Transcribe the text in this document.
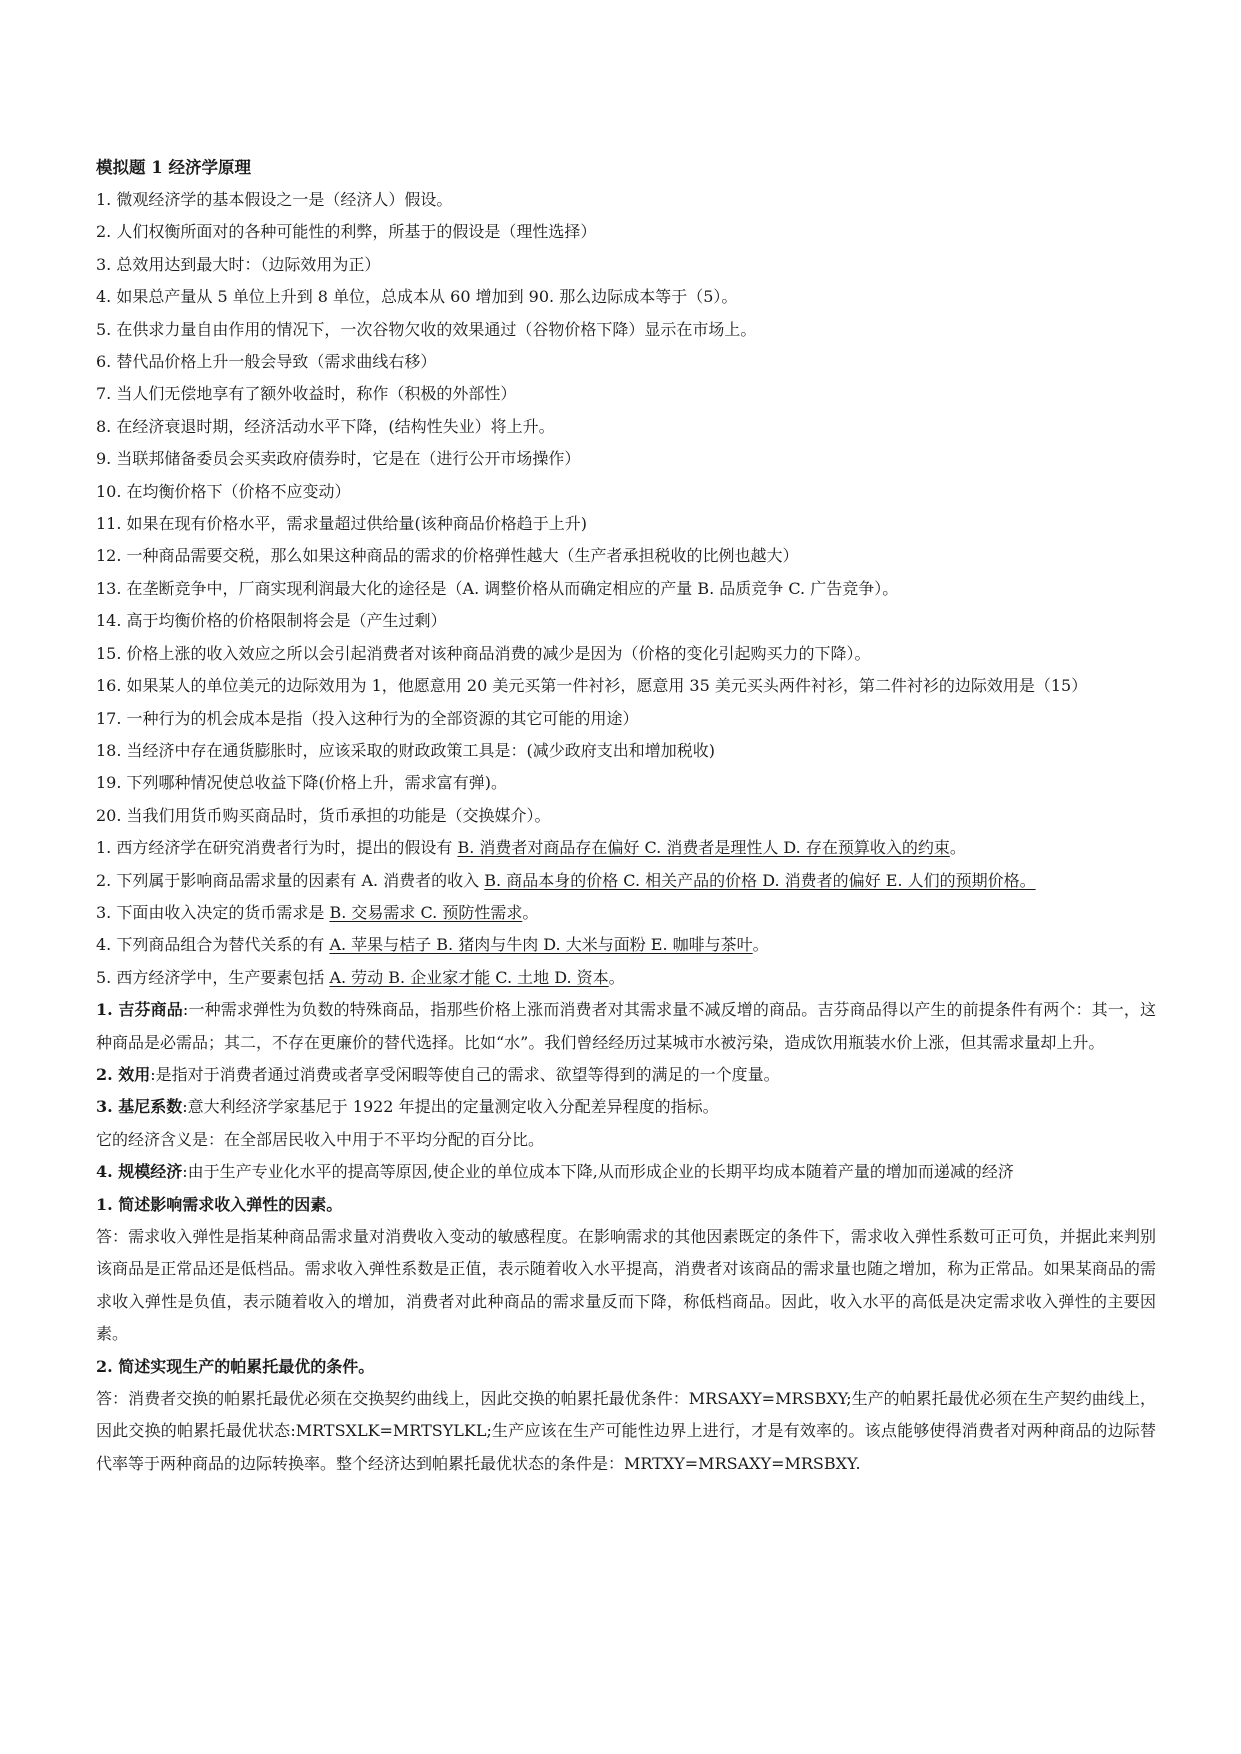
模拟题 1 经济学原理
1. 微观经济学的基本假设之一是（经济人）假设。
2. 人们权衡所面对的各种可能性的利弊，所基于的假设是（理性选择）
3. 总效用达到最大时：（边际效用为正）
4. 如果总产量从 5 单位上升到 8 单位，总成本从 60 增加到 90. 那么边际成本等于（5）。
5. 在供求力量自由作用的情况下，一次谷物欠收的效果通过（谷物价格下降）显示在市场上。
6. 替代品价格上升一般会导致（需求曲线右移）
7. 当人们无偿地享有了额外收益时，称作（积极的外部性）
8. 在经济衰退时期，经济活动水平下降，(结构性失业）将上升。
9. 当联邦储备委员会买卖政府债券时，它是在（进行公开市场操作）
10. 在均衡价格下（价格不应变动）
11. 如果在现有价格水平，需求量超过供给量(该种商品价格趋于上升)
12. 一种商品需要交税，那么如果这种商品的需求的价格弹性越大（生产者承担税收的比例也越大）
13. 在垄断竞争中，厂商实现利润最大化的途径是（A. 调整价格从而确定相应的产量 B. 品质竞争 C. 广告竞争）。
14. 高于均衡价格的价格限制将会是（产生过剩）
15. 价格上涨的收入效应之所以会引起消费者对该种商品消费的减少是因为（价格的变化引起购买力的下降）。
16. 如果某人的单位美元的边际效用为 1，他愿意用 20 美元买第一件衬衫，愿意用 35 美元买头两件衬衫，第二件衬衫的边际效用是（15）
17. 一种行为的机会成本是指（投入这种行为的全部资源的其它可能的用途）
18. 当经济中存在通货膨胀时，应该采取的财政政策工具是：(减少政府支出和增加税收)
19. 下列哪种情况使总收益下降(价格上升，需求富有弹)。
20. 当我们用货币购买商品时，货币承担的功能是（交换媒介）。
1. 西方经济学在研究消费者行为时，提出的假设有 B. 消费者对商品存在偏好 C. 消费者是理性人 D. 存在预算收入的约束。
2. 下列属于影响商品需求量的因素有 A. 消费者的收入 B. 商品本身的价格 C. 相关产品的价格 D. 消费者的偏好 E. 人们的预期价格。
3. 下面由收入决定的货币需求是 B. 交易需求 C. 预防性需求。
4. 下列商品组合为替代关系的有 A. 苹果与桔子 B. 猪肉与牛肉 D. 大米与面粉 E. 咖啡与茶叶。
5. 西方经济学中，生产要素包括 A. 劳动 B. 企业家才能 C. 土地 D. 资本。
1. 吉芬商品:一种需求弹性为负数的特殊商品，指那些价格上涨而消费者对其需求量不减反增的商品。吉芬商品得以产生的前提条件有两个：其一，这种商品是必需品；其二，不存在更廉价的替代选择。比如“水”。我们曾经经历过某城市水被污染，造成饮用瓶装水价上涨，但其需求量却上升。
2. 效用:是指对于消费者通过消费或者享受闲暇等使自己的需求、欲望等得到的满足的一个度量。
3. 基尼系数:意大利经济学家基尼于 1922 年提出的定量测定收入分配差异程度的指标。
它的经济含义是：在全部居民收入中用于不平均分配的百分比。
4. 规模经济:由于生产专业化水平的提高等原因,使企业的单位成本下降,从而形成企业的长期平均成本随着产量的增加而递减的经济
1. 简述影响需求收入弹性的因素。
答：需求收入弹性是指某种商品需求量对消费收入变动的敏感程度。在影响需求的其他因素既定的条件下，需求收入弹性系数可正可负，并据此来判别该商品是正常品还是低档品。需求收入弹性系数是正值，表示随着收入水平提高，消费者对该商品的需求量也随之增加，称为正常品。如果某商品的需求收入弹性是负值，表示随着收入的增加，消费者对此种商品的需求量反而下降，称低档商品。因此，收入水平的高低是决定需求收入弹性的主要因素。
2. 简述实现生产的帕累托最优的条件。
答：消费者交换的帕累托最优必须在交换契约曲线上，因此交换的帕累托最优条件：MRSAXY=MRSBXY;生产的帕累托最优必须在生产契约曲线上，因此交换的帕累托最优状态:MRTSXLK=MRTSYLKL;生产应该在生产可能性边界上进行，才是有效率的。该点能够使得消费者对两种商品的边际替代率等于两种商品的边际转换率。整个经济达到帕累托最优状态的条件是：MRTXY=MRSAXY=MRSBXY.
